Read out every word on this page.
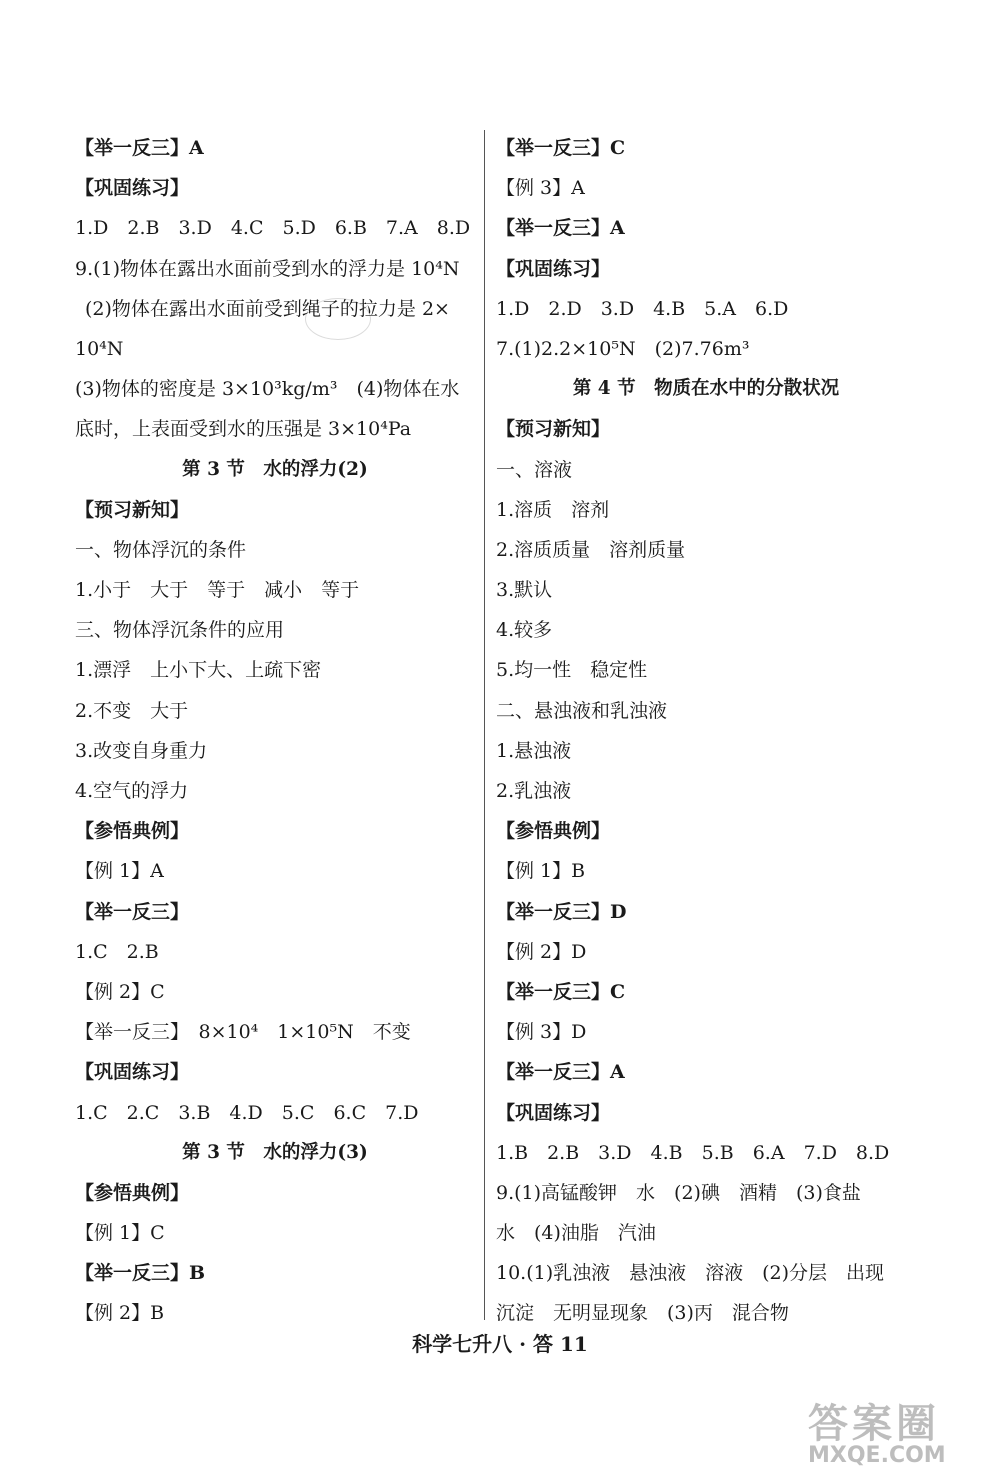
【举一反三】A
【巩固练习】
1.D　2.B　3.D　4.C　5.D　6.B　7.A　8.D
9.(1)物体在露出水面前受到水的浮力是 10⁴N
(2)物体在露出水面前受到绳子的拉力是 2×
10⁴N
(3)物体的密度是 3×10³kg/m³　(4)物体在水
底时，上表面受到水的压强是 3×10⁴Pa
第 3 节　水的浮力(2)
【预习新知】
一、物体浮沉的条件
1.小于　大于　等于　减小　等于
三、物体浮沉条件的应用
1.漂浮　上小下大、上疏下密
2.不变　大于
3.改变自身重力
4.空气的浮力
【参悟典例】
【例 1】A
【举一反三】
1.C　2.B
【例 2】C
【举一反三】　8×10⁴　1×10⁵N　不变
【巩固练习】
1.C　2.C　3.B　4.D　5.C　6.C　7.D
第 3 节　水的浮力(3)
【参悟典例】
【例 1】C
【举一反三】B
【例 2】B
【举一反三】C
【例 3】A
【举一反三】A
【巩固练习】
1.D　2.D　3.D　4.B　5.A　6.D
7.(1)2.2×10⁵N　(2)7.76m³
第 4 节　物质在水中的分散状况
【预习新知】
一、溶液
1.溶质　溶剂
2.溶质质量　溶剂质量
3.默认
4.较多
5.均一性　稳定性
二、悬浊液和乳浊液
1.悬浊液
2.乳浊液
【参悟典例】
【例 1】B
【举一反三】D
【例 2】D
【举一反三】C
【例 3】D
【举一反三】A
【巩固练习】
1.B　2.B　3.D　4.B　5.B　6.A　7.D　8.D
9.(1)高锰酸钾　水　(2)碘　酒精　(3)食盐
水　(4)油脂　汽油
10.(1)乳浊液　悬浊液　溶液　(2)分层　出现
沉淀　无明显现象　(3)丙　混合物
科学七升八 · 答 11
答案圈
MXQE.COM
